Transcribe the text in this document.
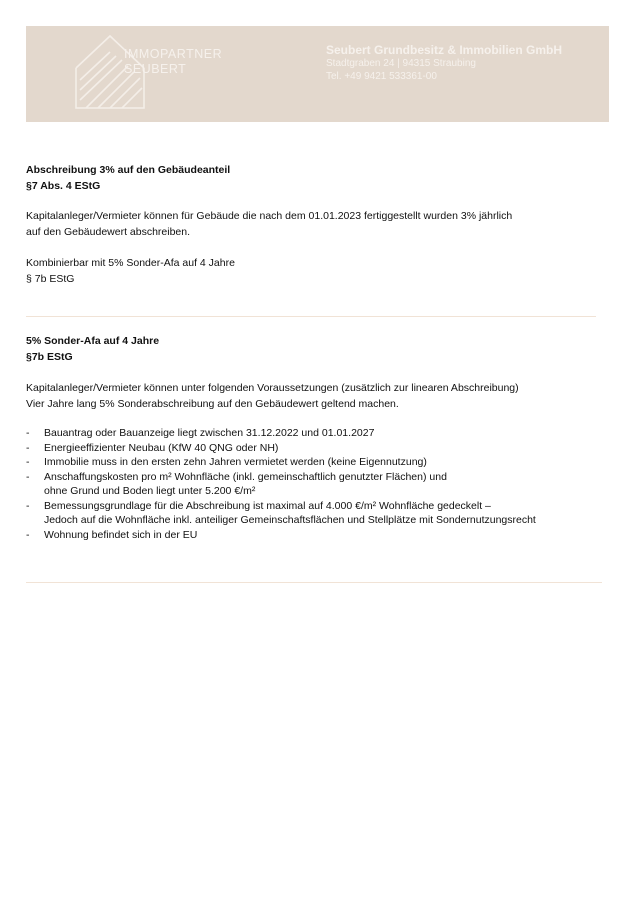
IMMOPARTNER
SEUBERT
Seubert Grundbesitz & Immobilien GmbH
Stadtgraben 24 | 94315 Straubing
Tel. +49 9421 533361-00

Abschreibung 3% auf den Gebäudeanteil

§7 Abs. 4 EStG

Kapitalanleger/Vermieter können für Gebäude die nach dem 01.01.2023 fertiggestellt wurden 3% jährlich

auf den Gebäudewert abschreiben.

Kombinierbar mit 5% Sonder-Afa auf 4 Jahre

§ 7b EStG

5% Sonder-Afa auf 4 Jahre

§7b EStG

Kapitalanleger/Vermieter können unter folgenden Voraussetzungen (zusätzlich zur linearen Abschreibung)

Vier Jahre lang 5% Sonderabschreibung auf den Gebäudewert geltend machen.

- Bauantrag oder Bauanzeige liegt zwischen 31.12.2022 und 01.01.2027
- Energieeffizienter Neubau (KfW 40 QNG oder NH)
- Immobilie muss in den ersten zehn Jahren vermietet werden (keine Eigennutzung)
- Anschaffungskosten pro m² Wohnfläche (inkl. gemeinschaftlich genutzter Flächen) und
ohne Grund und Boden liegt unter 5.200 €/m²
- Bemessungsgrundlage für die Abschreibung ist maximal auf 4.000 €/m² Wohnfläche gedeckelt –
Jedoch auf die Wohnfläche inkl. anteiliger Gemeinschaftsflächen und Stellplätze mit Sondernutzungsrecht
- Wohnung befindet sich in der EU
